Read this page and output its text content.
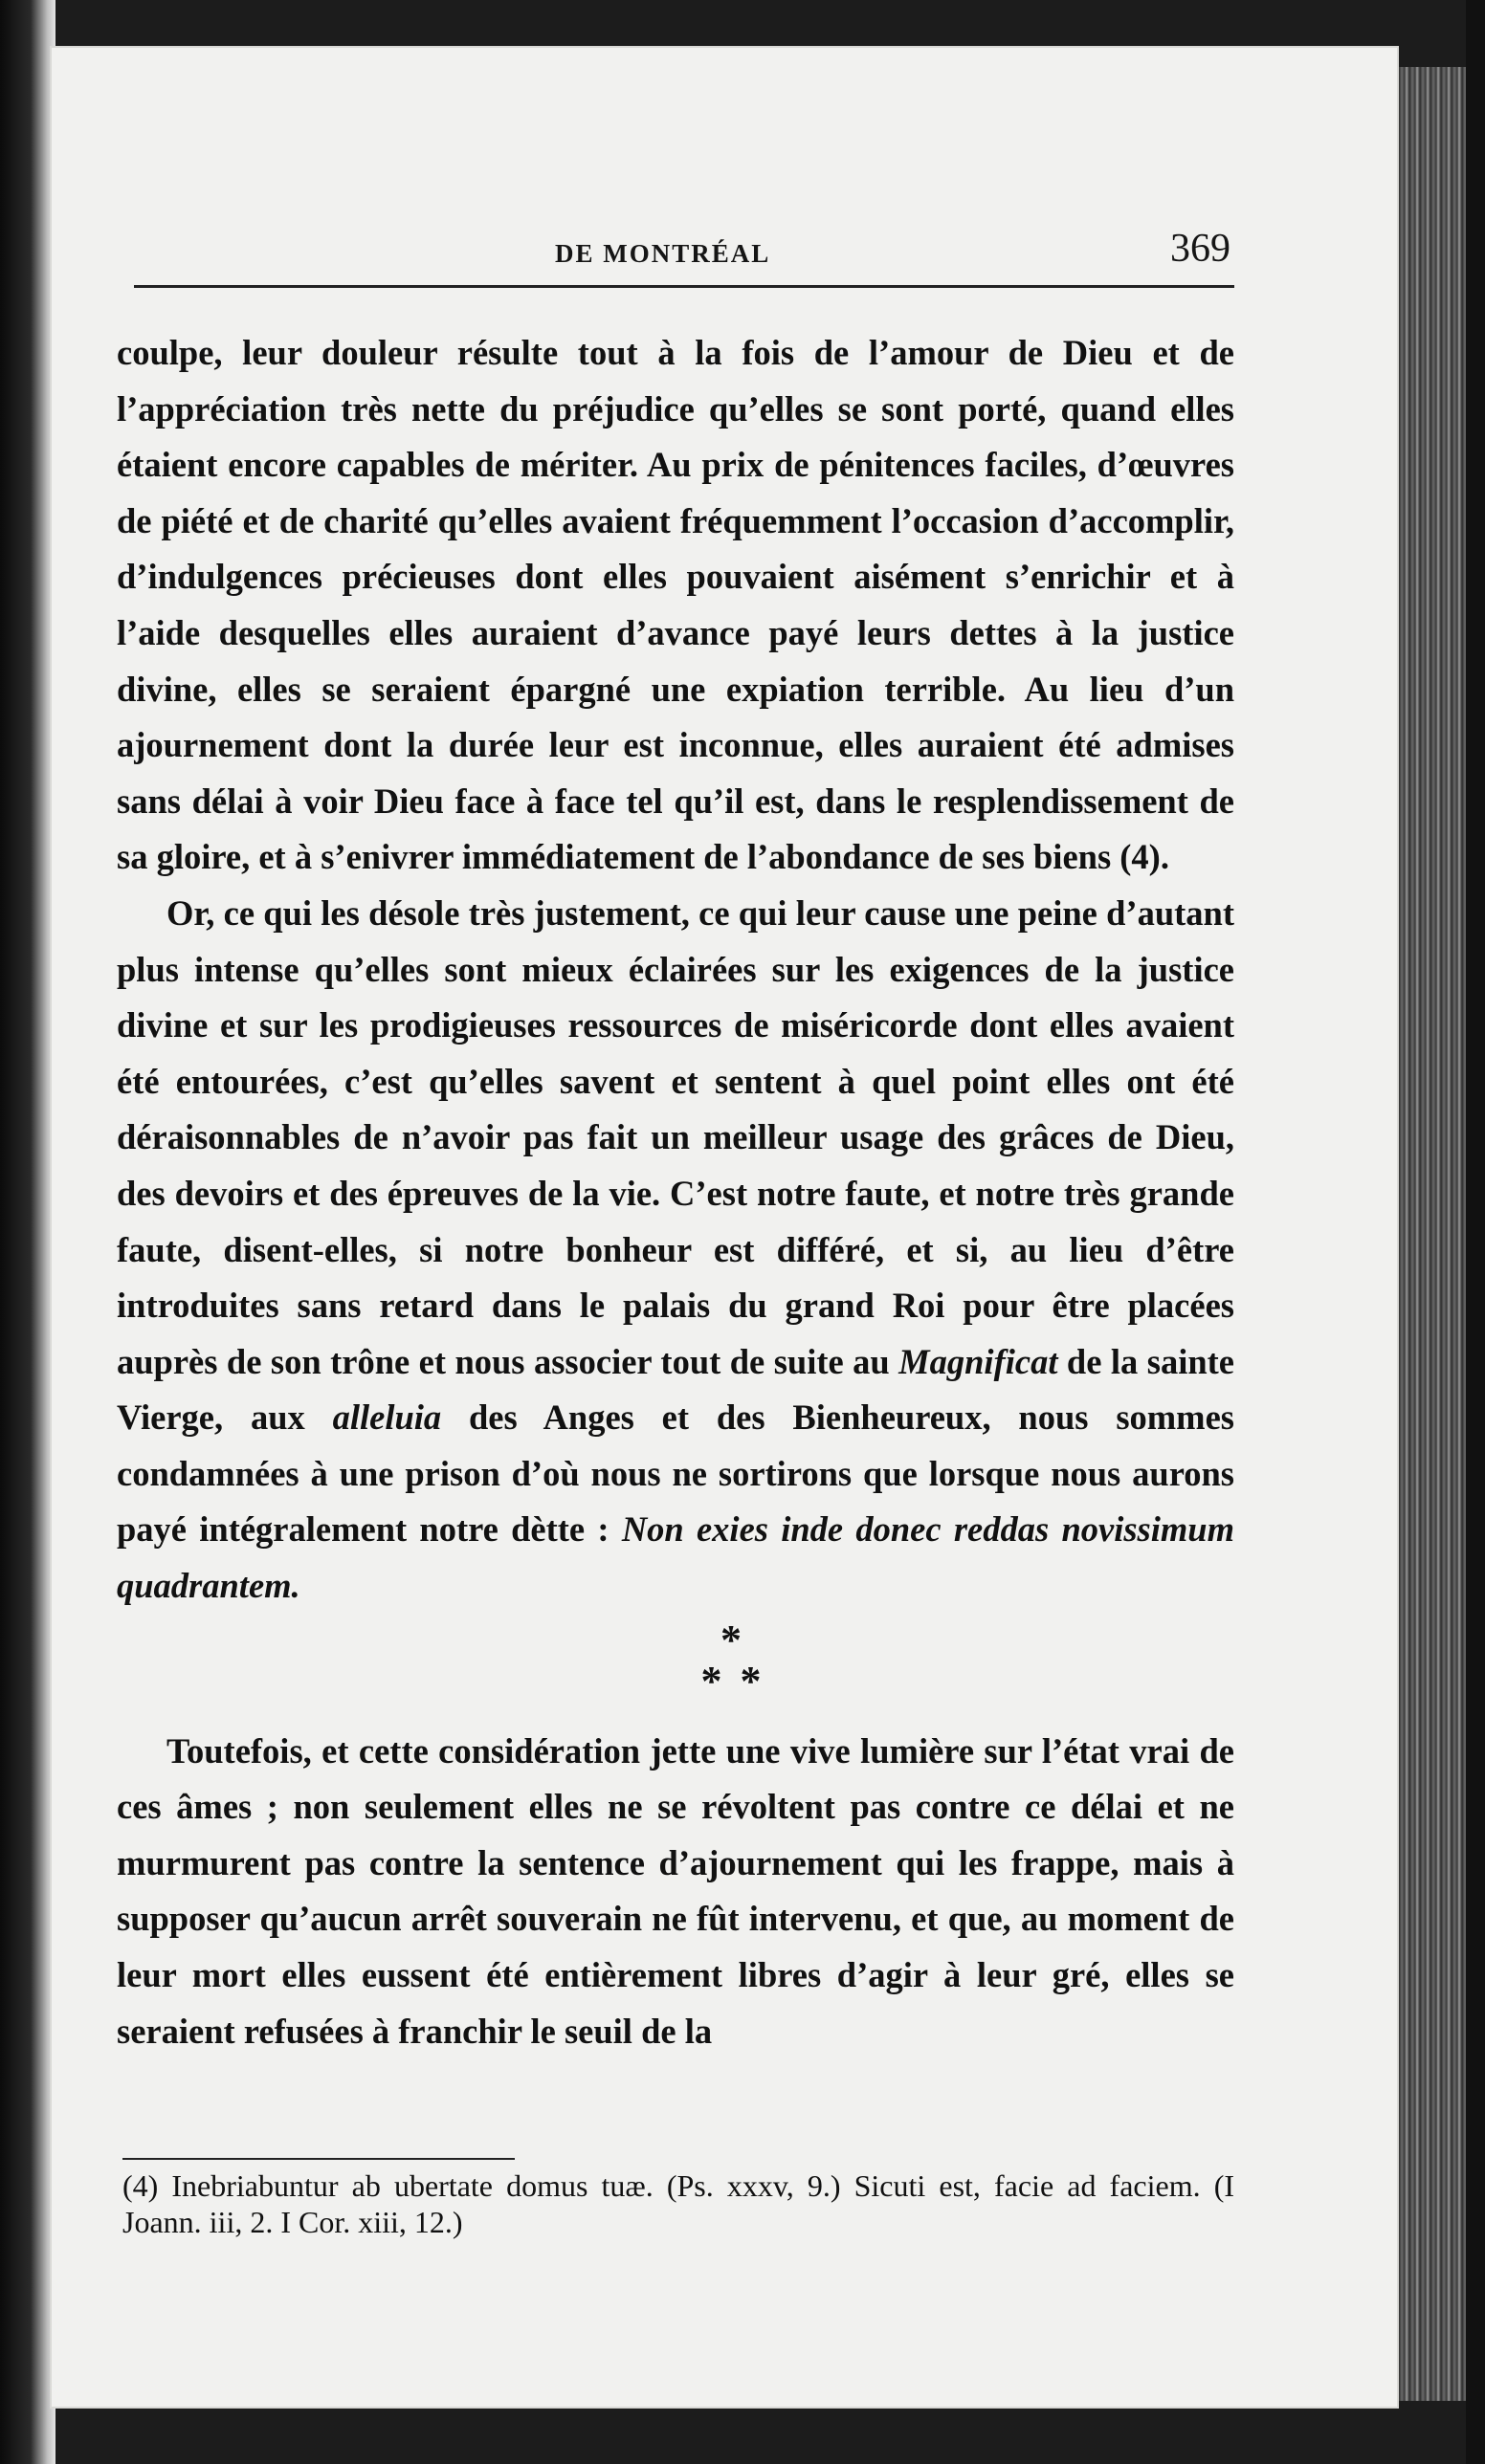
DE MONTRÉAL	369

coulpe, leur douleur résulte tout à la fois de l’amour de Dieu et de l’appréciation très nette du préjudice qu’elles se sont porté, quand elles étaient encore capables de mériter. Au prix de pénitences faciles, d’œuvres de piété et de charité qu’elles avaient fréquemment l’occasion d’accomplir, d’indulgences précieuses dont elles pouvaient aisément s’enrichir et à l’aide desquelles elles auraient d’avance payé leurs dettes à la justice divine, elles se seraient épargné une expiation terrible. Au lieu d’un ajournement dont la durée leur est inconnue, elles auraient été admises sans délai à voir Dieu face à face tel qu’il est, dans le resplendissement de sa gloire, et à s’enivrer immédiatement de l’abondance de ses biens (4).

Or, ce qui les désole très justement, ce qui leur cause une peine d’autant plus intense qu’elles sont mieux éclairées sur les exigences de la justice divine et sur les prodigieuses ressources de miséricorde dont elles avaient été entourées, c’est qu’elles savent et sentent à quel point elles ont été déraisonnables de n’avoir pas fait un meilleur usage des grâces de Dieu, des devoirs et des épreuves de la vie. C’est notre faute, et notre très grande faute, disent-elles, si notre bonheur est différé, et si, au lieu d’être introduites sans retard dans le palais du grand Roi pour être placées auprès de son trône et nous associer tout de suite au Magnificat de la sainte Vierge, aux alleluia des Anges et des Bienheureux, nous sommes condamnées à une prison d’où nous ne sortirons que lorsque nous aurons payé intégralement notre dètte : Non exies inde donec reddas novissimum quadrantem.

*
* *

Toutefois, et cette considération jette une vive lumière sur l’état vrai de ces âmes ; non seulement elles ne se révoltent pas contre ce délai et ne murmurent pas contre la sentence d’ajournement qui les frappe, mais à supposer qu’aucun arrêt souverain ne fût intervenu, et que, au moment de leur mort elles eussent été entièrement libres d’agir à leur gré, elles se seraient refusées à franchir le seuil de la

(4) Inebriabuntur ab ubertate domus tuæ. (Ps. xxxv, 9.) Sicuti est, facie ad faciem. (I Joann. iii, 2. I Cor. xiii, 12.)
